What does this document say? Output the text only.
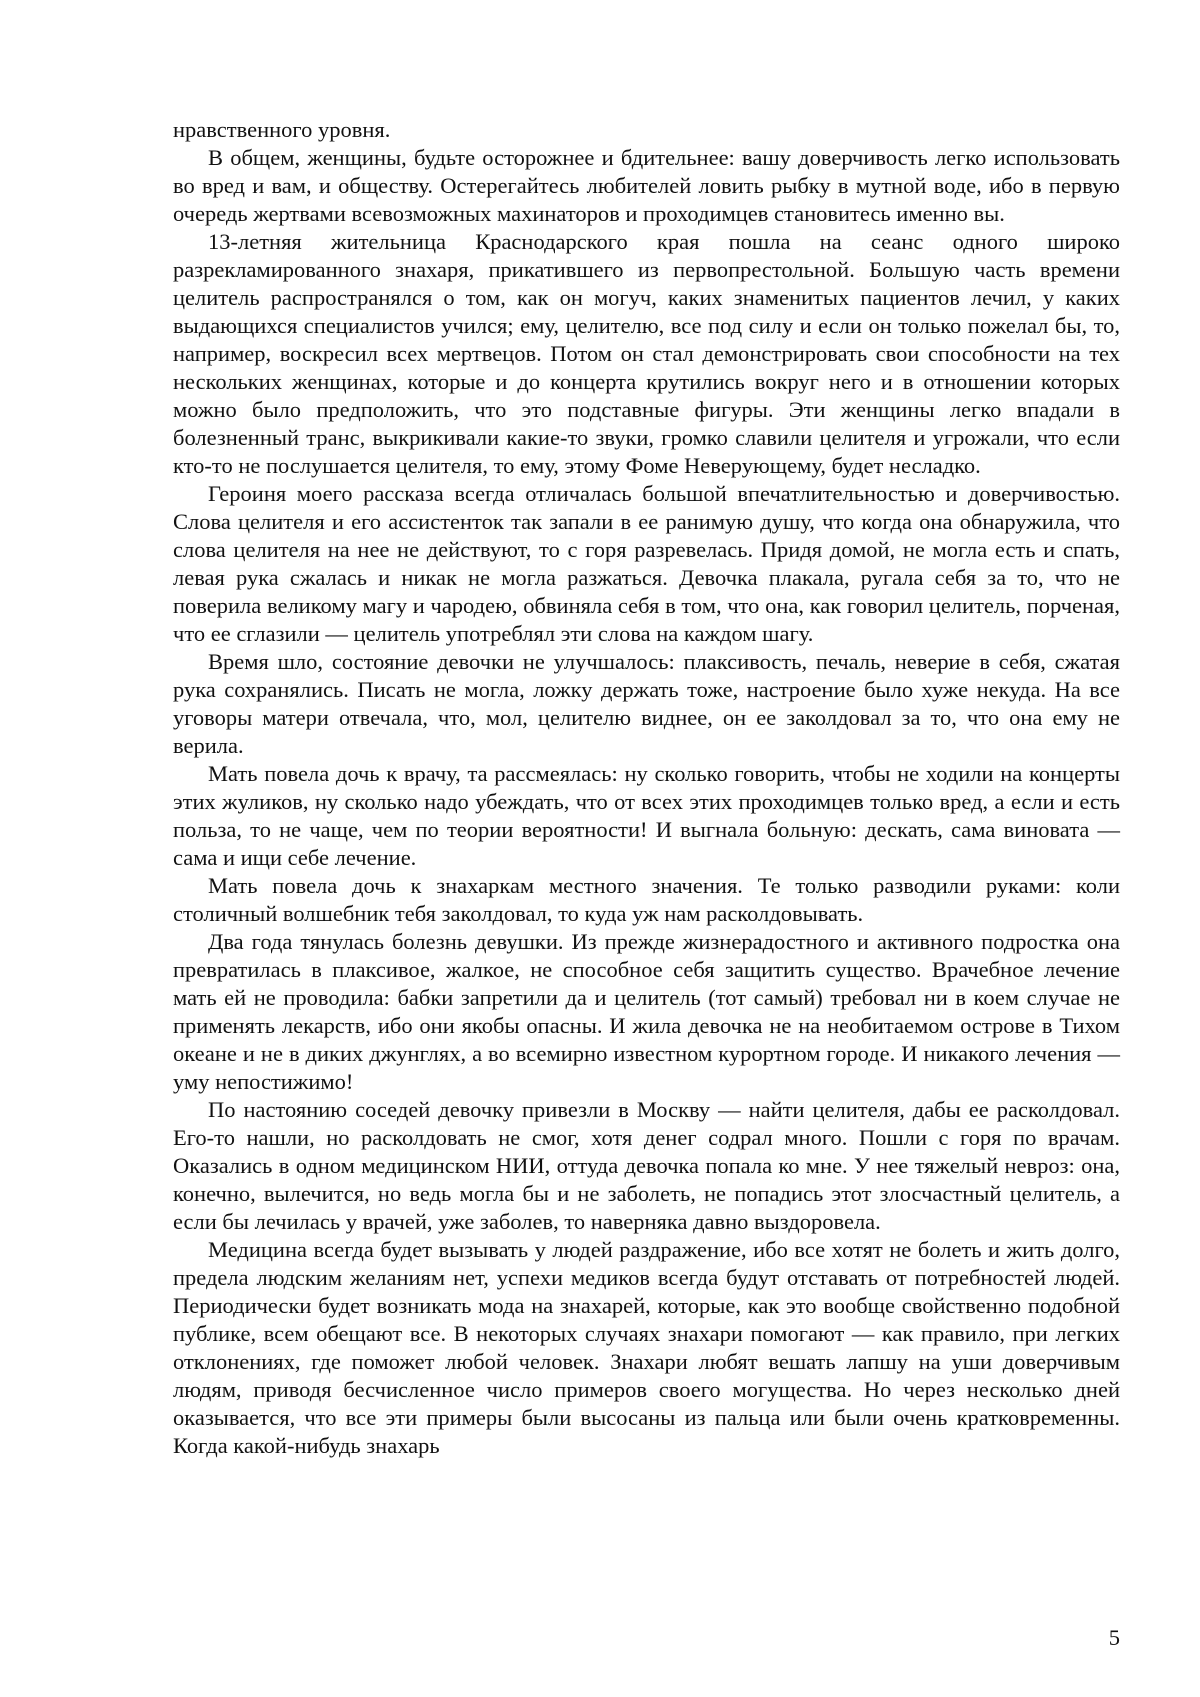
нравственного уровня.

В общем, женщины, будьте осторожнее и бдительнее: вашу доверчивость легко использовать во вред и вам, и обществу. Остерегайтесь любителей ловить рыбку в мутной воде, ибо в первую очередь жертвами всевозможных махинаторов и проходимцев становитесь именно вы.

13-летняя жительница Краснодарского края пошла на сеанс одного широко разрекламированного знахаря, прикатившего из первопрестольной. Большую часть времени целитель распространялся о том, как он могуч, каких знаменитых пациентов лечил, у каких выдающихся специалистов учился; ему, целителю, все под силу и если он только пожелал бы, то, например, воскресил всех мертвецов. Потом он стал демонстрировать свои способности на тех нескольких женщинах, которые и до концерта крутились вокруг него и в отношении которых можно было предположить, что это подставные фигуры. Эти женщины легко впадали в болезненный транс, выкрикивали какие-то звуки, громко славили целителя и угрожали, что если кто-то не послушается целителя, то ему, этому Фоме Неверующему, будет несладко.

Героиня моего рассказа всегда отличалась большой впечатлительностью и доверчивостью. Слова целителя и его ассистенток так запали в ее ранимую душу, что когда она обнаружила, что слова целителя на нее не действуют, то с горя разревелась. Придя домой, не могла есть и спать, левая рука сжалась и никак не могла разжаться. Девочка плакала, ругала себя за то, что не поверила великому магу и чародею, обвиняла себя в том, что она, как говорил целитель, порченая, что ее сглазили — целитель употреблял эти слова на каждом шагу.

Время шло, состояние девочки не улучшалось: плаксивость, печаль, неверие в себя, сжатая рука сохранялись. Писать не могла, ложку держать тоже, настроение было хуже некуда. На все уговоры матери отвечала, что, мол, целителю виднее, он ее заколдовал за то, что она ему не верила.

Мать повела дочь к врачу, та рассмеялась: ну сколько говорить, чтобы не ходили на концерты этих жуликов, ну сколько надо убеждать, что от всех этих проходимцев только вред, а если и есть польза, то не чаще, чем по теории вероятности! И выгнала больную: дескать, сама виновата — сама и ищи себе лечение.

Мать повела дочь к знахаркам местного значения. Те только разводили руками: коли столичный волшебник тебя заколдовал, то куда уж нам расколдовывать.

Два года тянулась болезнь девушки. Из прежде жизнерадостного и активного подростка она превратилась в плаксивое, жалкое, не способное себя защитить существо. Врачебное лечение мать ей не проводила: бабки запретили да и целитель (тот самый) требовал ни в коем случае не применять лекарств, ибо они якобы опасны. И жила девочка не на необитаемом острове в Тихом океане и не в диких джунглях, а во всемирно известном курортном городе. И никакого лечения — уму непостижимо!

По настоянию соседей девочку привезли в Москву — найти целителя, дабы ее расколдовал. Его-то нашли, но расколдовать не смог, хотя денег содрал много. Пошли с горя по врачам. Оказались в одном медицинском НИИ, оттуда девочка попала ко мне. У нее тяжелый невроз: она, конечно, вылечится, но ведь могла бы и не заболеть, не попадись этот злосчастный целитель, а если бы лечилась у врачей, уже заболев, то наверняка давно выздоровела.

Медицина всегда будет вызывать у людей раздражение, ибо все хотят не болеть и жить долго, предела людским желаниям нет, успехи медиков всегда будут отставать от потребностей людей. Периодически будет возникать мода на знахарей, которые, как это вообще свойственно подобной публике, всем обещают все. В некоторых случаях знахари помогают — как правило, при легких отклонениях, где поможет любой человек. Знахари любят вешать лапшу на уши доверчивым людям, приводя бесчисленное число примеров своего могущества. Но через несколько дней оказывается, что все эти примеры были высосаны из пальца или были очень кратковременны. Когда какой-нибудь знахарь

5
